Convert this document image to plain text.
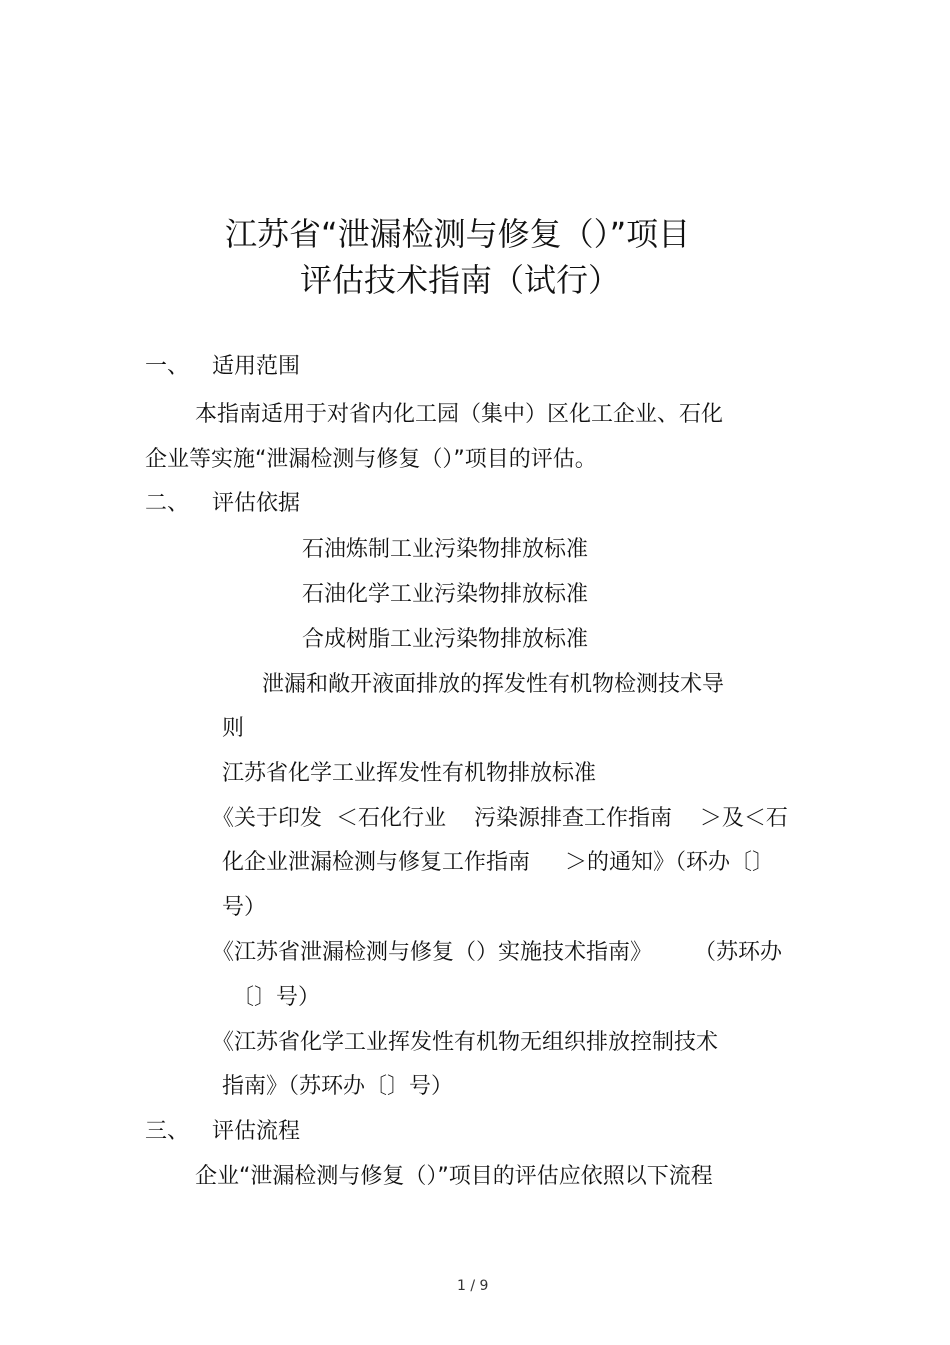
江苏省“泄漏检测与修复（）”项目
评估技术指南（试行）
一、 适用范围
本指南适用于对省内化工园（集中）区化工企业、石化
企业等实施“泄漏检测与修复（）”项目的评估。
二、 评估依据
石油炼制工业污染物排放标准
石油化学工业污染物排放标准
合成树脂工业污染物排放标准
泄漏和敞开液面排放的挥发性有机物检测技术导
则
江苏省化学工业挥发性有机物排放标准
《关于印发  ＜石化行业    污染源排查工作指南    ＞及＜石
化企业泄漏检测与修复工作指南     ＞的通知》（环办〔〕
号）
《江苏省泄漏检测与修复（）实施技术指南》      （苏环办
〔〕号）
《江苏省化学工业挥发性有机物无组织排放控制技术
指南》（苏环办〔〕号）
三、 评估流程
企业“泄漏检测与修复（）”项目的评估应依照以下流程
1 / 9
